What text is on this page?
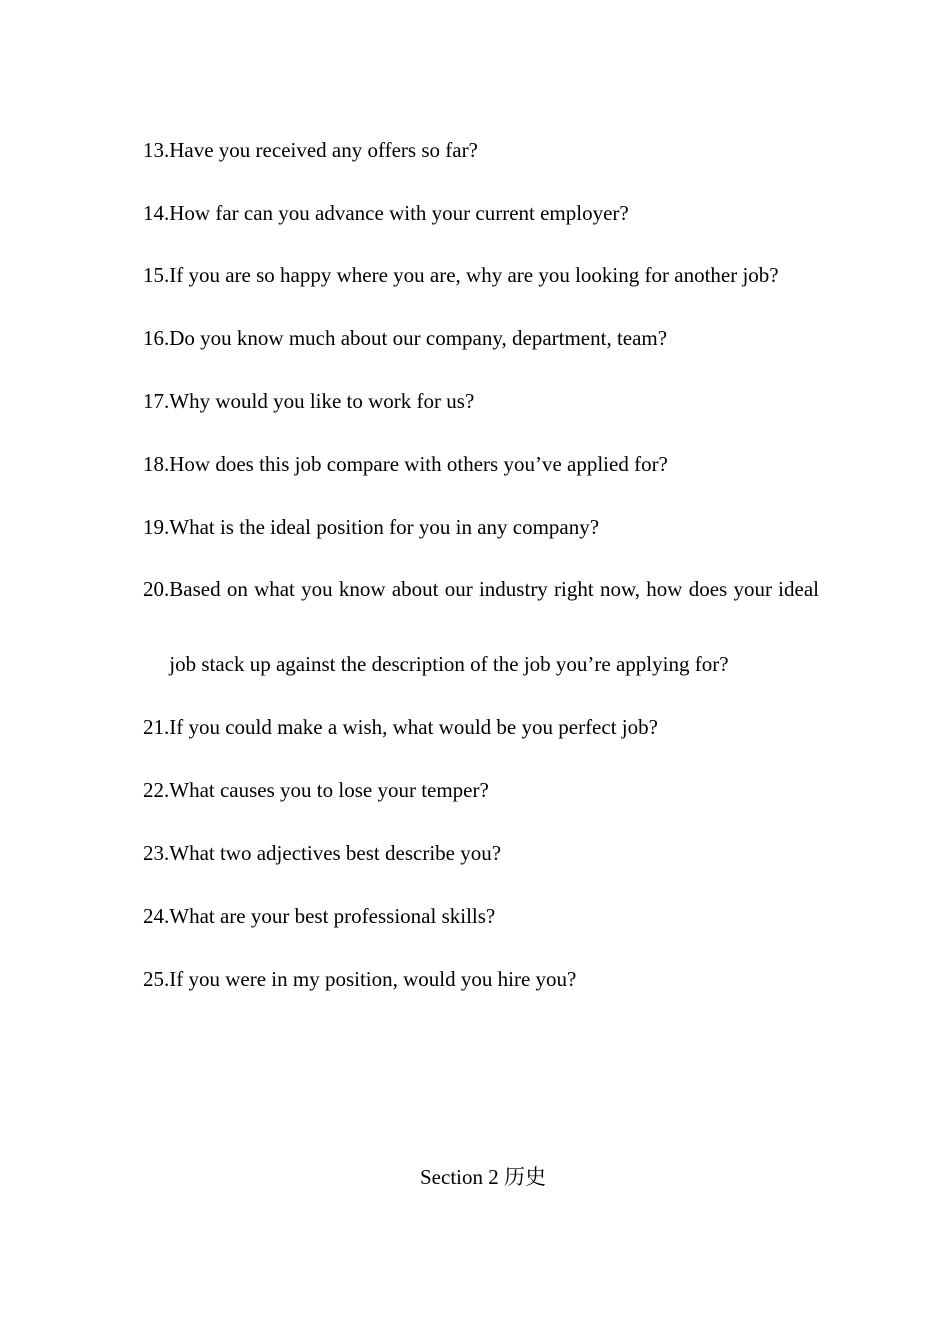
13. Have you received any offers so far?
14. How far can you advance with your current employer?
15. If you are so happy where you are, why are you looking for another job?
16. Do you know much about our company, department, team?
17. Why would you like to work for us?
18. How does this job compare with others you’ve applied for?
19. What is the ideal position for you in any company?
20. Based on what you know about our industry right now, how does your ideal job stack up against the description of the job you’re applying for?
21. If you could make a wish, what would be you perfect job?
22. What causes you to lose your temper?
23. What two adjectives best describe you?
24. What are your best professional skills?
25. If you were in my position, would you hire you?
Section 2 历史
